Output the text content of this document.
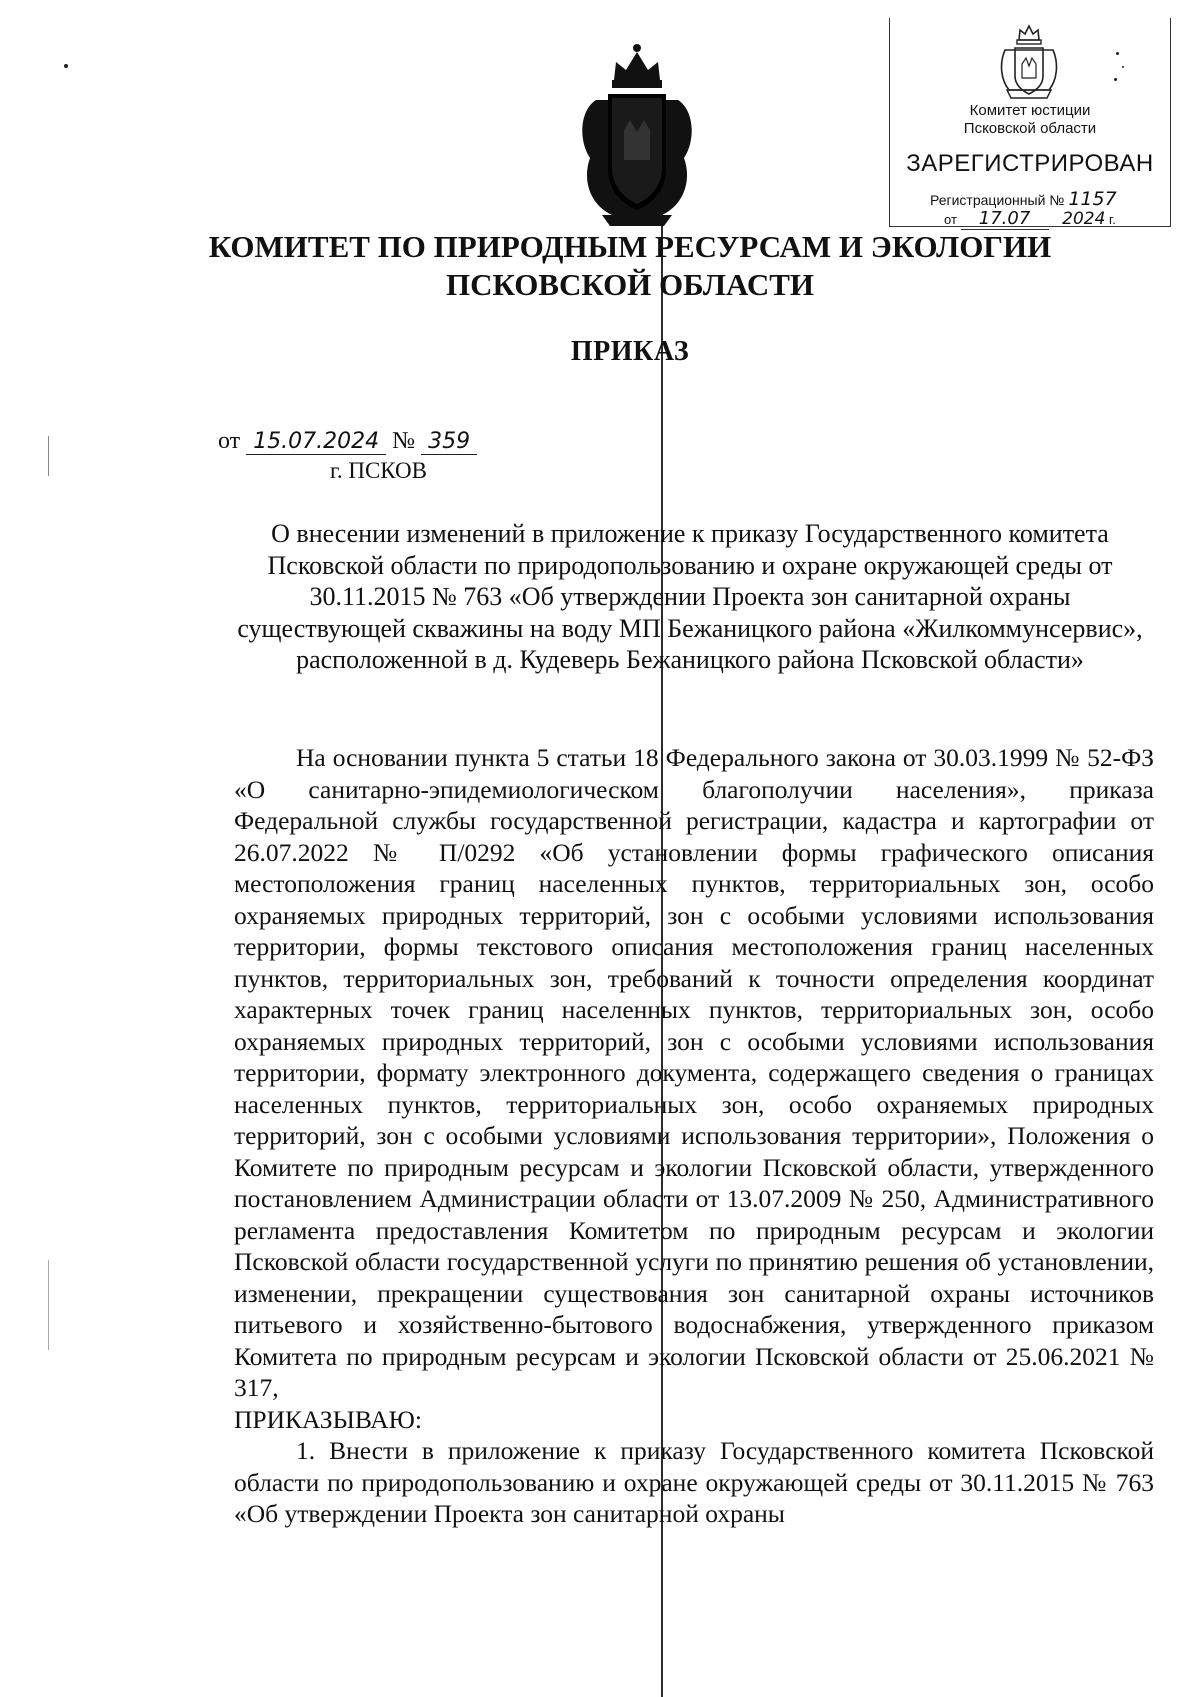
Комитет юстиции
Псковской области
ЗАРЕГИСТРИРОВАН
Регистрационный № 1157
от 17.07 2024 г.
КОМИТЕТ ПО ПРИРОДНЫМ РЕСУРСАМ И ЭКОЛОГИИ
ПСКОВСКОЙ ОБЛАСТИ
ПРИКАЗ
от 15.07.2024 № 359
г. ПСКОВ
О внесении изменений в приложение к приказу Государственного комитета Псковской области по природопользованию и охране окружающей среды от 30.11.2015 № 763 «Об утверждении Проекта зон санитарной охраны существующей скважины на воду МП Бежаницкого района «Жилкоммунсервис», расположенной в д. Кудеверь Бежаницкого района Псковской области»

На основании пункта 5 статьи 18 Федерального закона от 30.03.1999 № 52-ФЗ «О санитарно-эпидемиологическом благополучии населения», приказа Федеральной службы государственной регистрации, кадастра и картографии от 26.07.2022 № П/0292 «Об установлении формы графического описания местоположения границ населенных пунктов, территориальных зон, особо охраняемых природных территорий, зон с особыми условиями использования территории, формы текстового описания местоположения границ населенных пунктов, территориальных зон, требований к точности определения координат характерных точек границ населенных пунктов, территориальных зон, особо охраняемых природных территорий, зон с особыми условиями использования территории, формату электронного документа, содержащего сведения о границах населенных пунктов, территориальных зон, особо охраняемых природных территорий, зон с особыми условиями использования территории», Положения о Комитете по природным ресурсам и экологии Псковской области, утвержденного постановлением Администрации области от 13.07.2009 № 250, Административного регламента предоставления Комитетом по природным ресурсам и экологии Псковской области государственной услуги по принятию решения об установлении, изменении, прекращении существования зон санитарной охраны источников питьевого и хозяйственно-бытового водоснабжения, утвержденного приказом Комитета по природным ресурсам и экологии Псковской области от 25.06.2021 № 317,

ПРИКАЗЫВАЮ:

1. Внести в приложение к приказу Государственного комитета Псковской области по природопользованию и охране окружающей среды от 30.11.2015 № 763 «Об утверждении Проекта зон санитарной охраны
